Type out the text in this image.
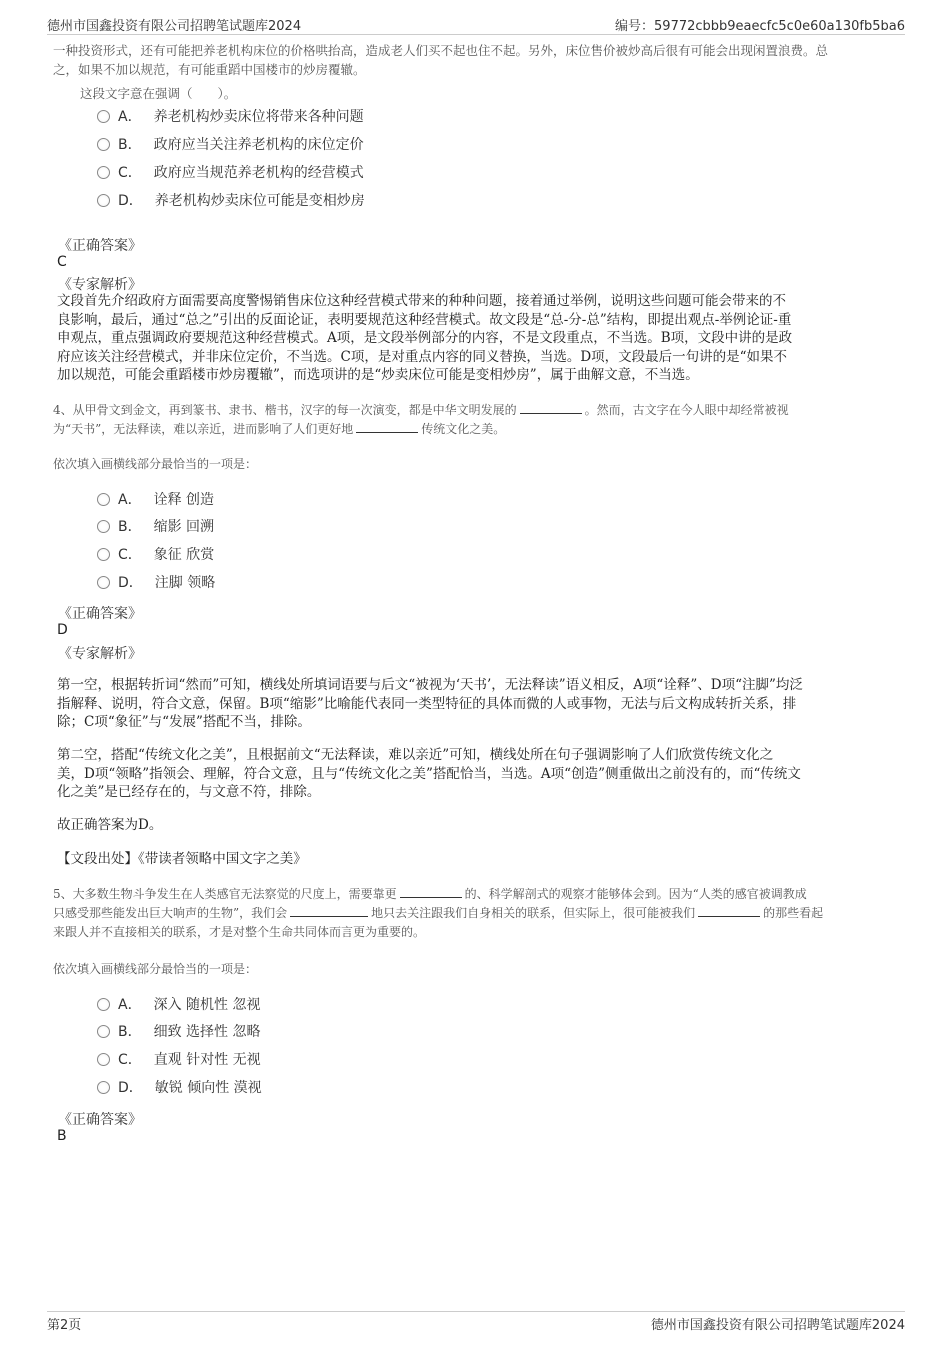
德州市国鑫投资有限公司招聘笔试题库2024	编号：59772cbbb9eaecfc5c0e60a130fb5ba6
一种投资形式，还有可能把养老机构床位的价格哄抬高，造成老人们买不起也住不起。另外，床位售价被炒高后很有可能会出现闲置浪费。总
之，如果不加以规范，有可能重蹈中国楼市的炒房覆辙。
这段文字意在强调（　　）。
A． 养老机构炒卖床位将带来各种问题
B． 政府应当关注养老机构的床位定价
C． 政府应当规范养老机构的经营模式
D． 养老机构炒卖床位可能是变相炒房
《正确答案》
C
《专家解析》
文段首先介绍政府方面需要高度警惕销售床位这种经营模式带来的种种问题，接着通过举例，说明这些问题可能会带来的不
良影响，最后，通过“总之”引出的反面论证，表明要规范这种经营模式。故文段是“总-分-总”结构，即提出观点-举例论证-重
申观点，重点强调政府要规范这种经营模式。A项，是文段举例部分的内容，不是文段重点，不当选。B项，文段中讲的是政
府应该关注经营模式，并非床位定价，不当选。C项，是对重点内容的同义替换，当选。D项，文段最后一句讲的是“如果不
加以规范，可能会重蹈楼市炒房覆辙”，而选项讲的是“炒卖床位可能是变相炒房”，属于曲解文意，不当选。
4、从甲骨文到金文，再到篆书、隶书、楷书，汉字的每一次演变，都是中华文明发展的	。然而，古文字在今人眼中却经常被视
为“天书”，无法释读，难以亲近，进而影响了人们更好地	传统文化之美。
依次填入画横线部分最恰当的一项是：
A． 诠释 创造
B． 缩影 回溯
C． 象征 欣赏
D． 注脚 领略
《正确答案》
D
《专家解析》
第一空，根据转折词“然而”可知，横线处所填词语要与后文“被视为‘天书’，无法释读”语义相反，A项“诠释”、D项“注脚”均泛
指解释、说明，符合文意，保留。B项“缩影”比喻能代表同一类型特征的具体而微的人或事物，无法与后文构成转折关系，排
除；C项“象征”与“发展”搭配不当，排除。
第二空，搭配“传统文化之美”，且根据前文“无法释读，难以亲近”可知，横线处所在句子强调影响了人们欣赏传统文化之
美，D项“领略”指领会、理解，符合文意，且与“传统文化之美”搭配恰当，当选。A项“创造”侧重做出之前没有的，而“传统文
化之美”是已经存在的，与文意不符，排除。
故正确答案为D。
【文段出处】《带读者领略中国文字之美》
5、大多数生物斗争发生在人类感官无法察觉的尺度上，需要靠更	的、科学解剖式的观察才能够体会到。因为“人类的感官被调教成
只感受那些能发出巨大响声的生物”，我们会	地只去关注跟我们自身相关的联系，但实际上，很可能被我们	的那些看起
来跟人并不直接相关的联系，才是对整个生命共同体而言更为重要的。
依次填入画横线部分最恰当的一项是：
A． 深入 随机性 忽视
B． 细致 选择性 忽略
C． 直观 针对性 无视
D． 敏锐 倾向性 漠视
《正确答案》
B
第2页	德州市国鑫投资有限公司招聘笔试题库2024
